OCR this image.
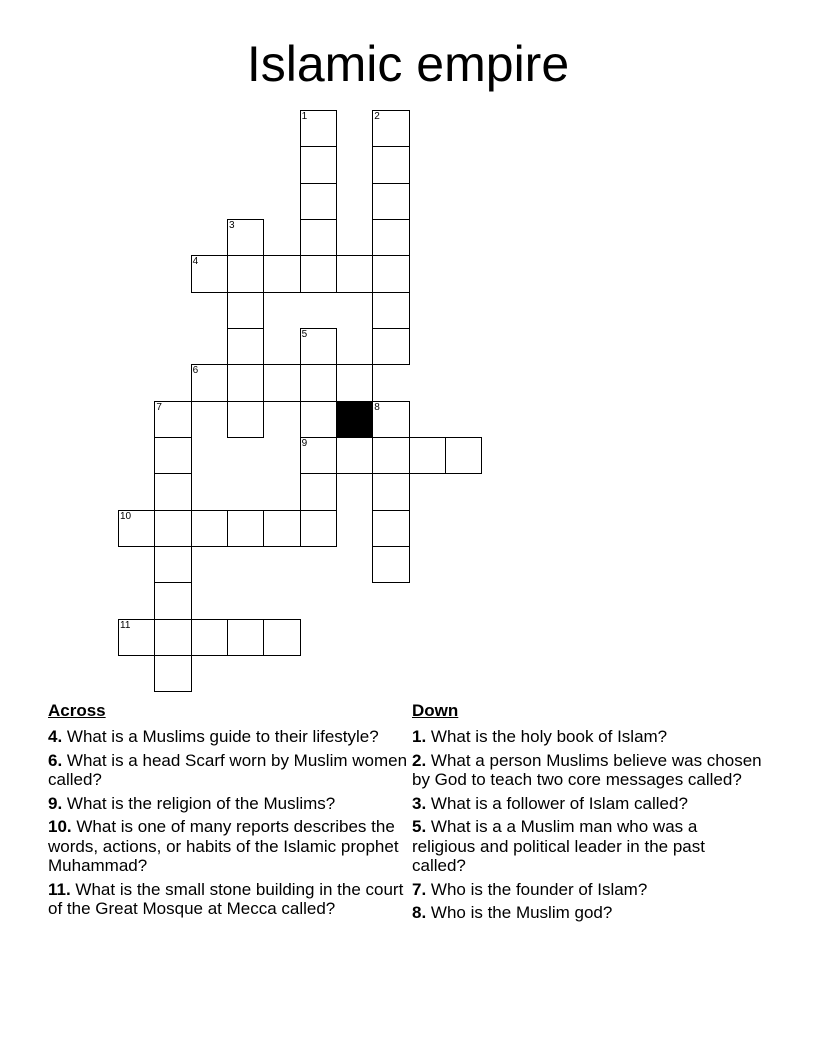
Islamic empire
1	2
3
4
5
6
7	8
9
10
11
Across
4. What is a Muslims guide to their lifestyle?
6. What is a head Scarf worn by Muslim women called?
9. What is the religion of the Muslims?
10. What is one of many reports describes the words, actions, or habits of the Islamic prophet Muhammad?
11. What is the small stone building in the court of the Great Mosque at Mecca called?
Down
1. What is the holy book of Islam?
2. What a person Muslims believe was chosen by God to teach two core messages called?
3. What is a follower of Islam called?
5. What is a a Muslim man who was a religious and political leader in the past called?
7. Who is the founder of Islam?
8. Who is the Muslim god?
